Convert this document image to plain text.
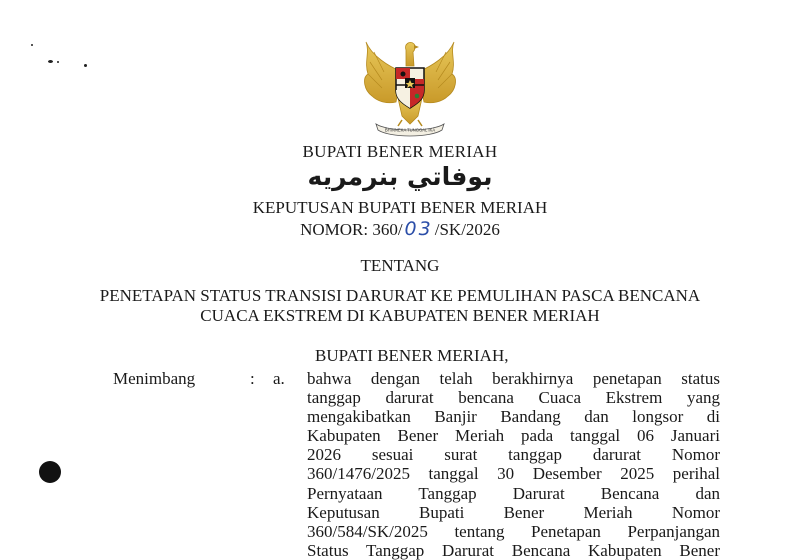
BHINNEKA TUNGGAL IKA
BUPATI BENER MERIAH
بوفاتي بنرمريه
KEPUTUSAN BUPATI BENER MERIAH
NOMOR: 360/ 03 /SK/2026
TENTANG
PENETAPAN STATUS TRANSISI DARURAT KE PEMULIHAN PASCA BENCANA
CUACA EKSTREM DI KABUPATEN BENER MERIAH
BUPATI BENER MERIAH,
Menimbang	: a. bahwa dengan telah berakhirnya penetapan status
tanggap darurat bencana Cuaca Ekstrem yang
mengakibatkan Banjir Bandang dan longsor di
Kabupaten Bener Meriah pada tanggal 06 Januari
2026 sesuai surat tanggap darurat Nomor
360/1476/2025 tanggal 30 Desember 2025 perihal
Pernyataan Tanggap Darurat Bencana dan
Keputusan Bupati Bener Meriah Nomor
360/584/SK/2025 tentang Penetapan Perpanjangan
Status Tanggap Darurat Bencana Kabupaten Bener
